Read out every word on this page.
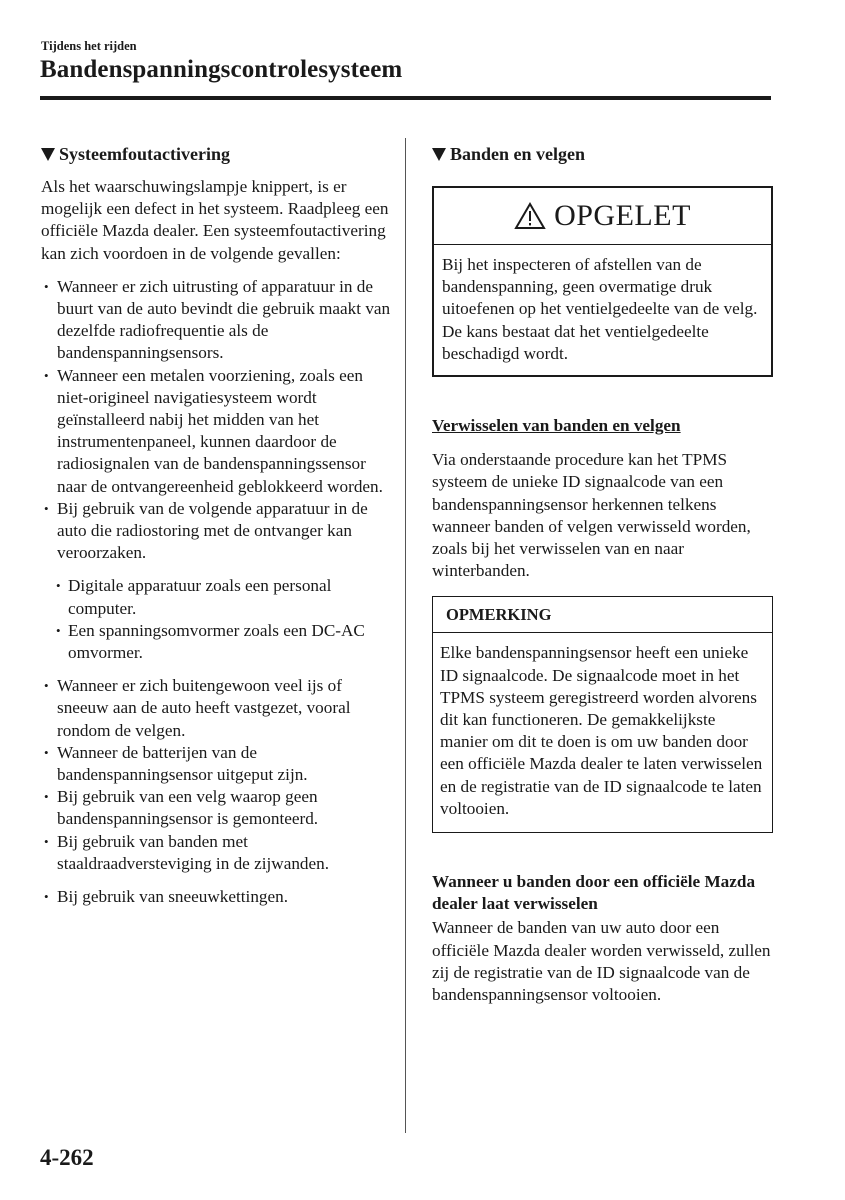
Tijdens het rijden
Bandenspanningscontrolesysteem
Systeemfoutactivering

Als het waarschuwingslampje knippert, is er mogelijk een defect in het systeem. Raadpleeg een officiële Mazda dealer. Een systeemfoutactivering kan zich voordoen in de volgende gevallen:

• Wanneer er zich uitrusting of apparatuur in de buurt van de auto bevindt die gebruik maakt van dezelfde radiofrequentie als de bandenspanningsensors.
• Wanneer een metalen voorziening, zoals een niet-origineel navigatiesysteem wordt geïnstalleerd nabij het midden van het instrumentenpaneel, kunnen daardoor de radiosignalen van de bandenspanningssensor naar de ontvangereenheid geblokkeerd worden.
• Bij gebruik van de volgende apparatuur in de auto die radiostoring met de ontvanger kan veroorzaken.
• Digitale apparatuur zoals een personal computer.
• Een spanningsomvormer zoals een DC-AC omvormer.
• Wanneer er zich buitengewoon veel ijs of sneeuw aan de auto heeft vastgezet, vooral rondom de velgen.
• Wanneer de batterijen van de bandenspanningsensor uitgeput zijn.
• Bij gebruik van een velg waarop geen bandenspanningsensor is gemonteerd.
• Bij gebruik van banden met staaldraadversteviging in de zijwanden.
• Bij gebruik van sneeuwkettingen.
Banden en velgen
OPGELET
Bij het inspecteren of afstellen van de bandenspanning, geen overmatige druk uitoefenen op het ventielgedeelte van de velg. De kans bestaat dat het ventielgedeelte beschadigd wordt.

Verwisselen van banden en velgen

Via onderstaande procedure kan het TPMS systeem de unieke ID signaalcode van een bandenspanningsensor herkennen telkens wanneer banden of velgen verwisseld worden, zoals bij het verwisselen van en naar winterbanden.

OPMERKING
Elke bandenspanningsensor heeft een unieke ID signaalcode. De signaalcode moet in het TPMS systeem geregistreerd worden alvorens dit kan functioneren. De gemakkelijkste manier om dit te doen is om uw banden door een officiële Mazda dealer te laten verwisselen en de registratie van de ID signaalcode te laten voltooien.

Wanneer u banden door een officiële Mazda dealer laat verwisselen

Wanneer de banden van uw auto door een officiële Mazda dealer worden verwisseld, zullen zij de registratie van de ID signaalcode van de bandenspanningsensor voltooien.

4-262
